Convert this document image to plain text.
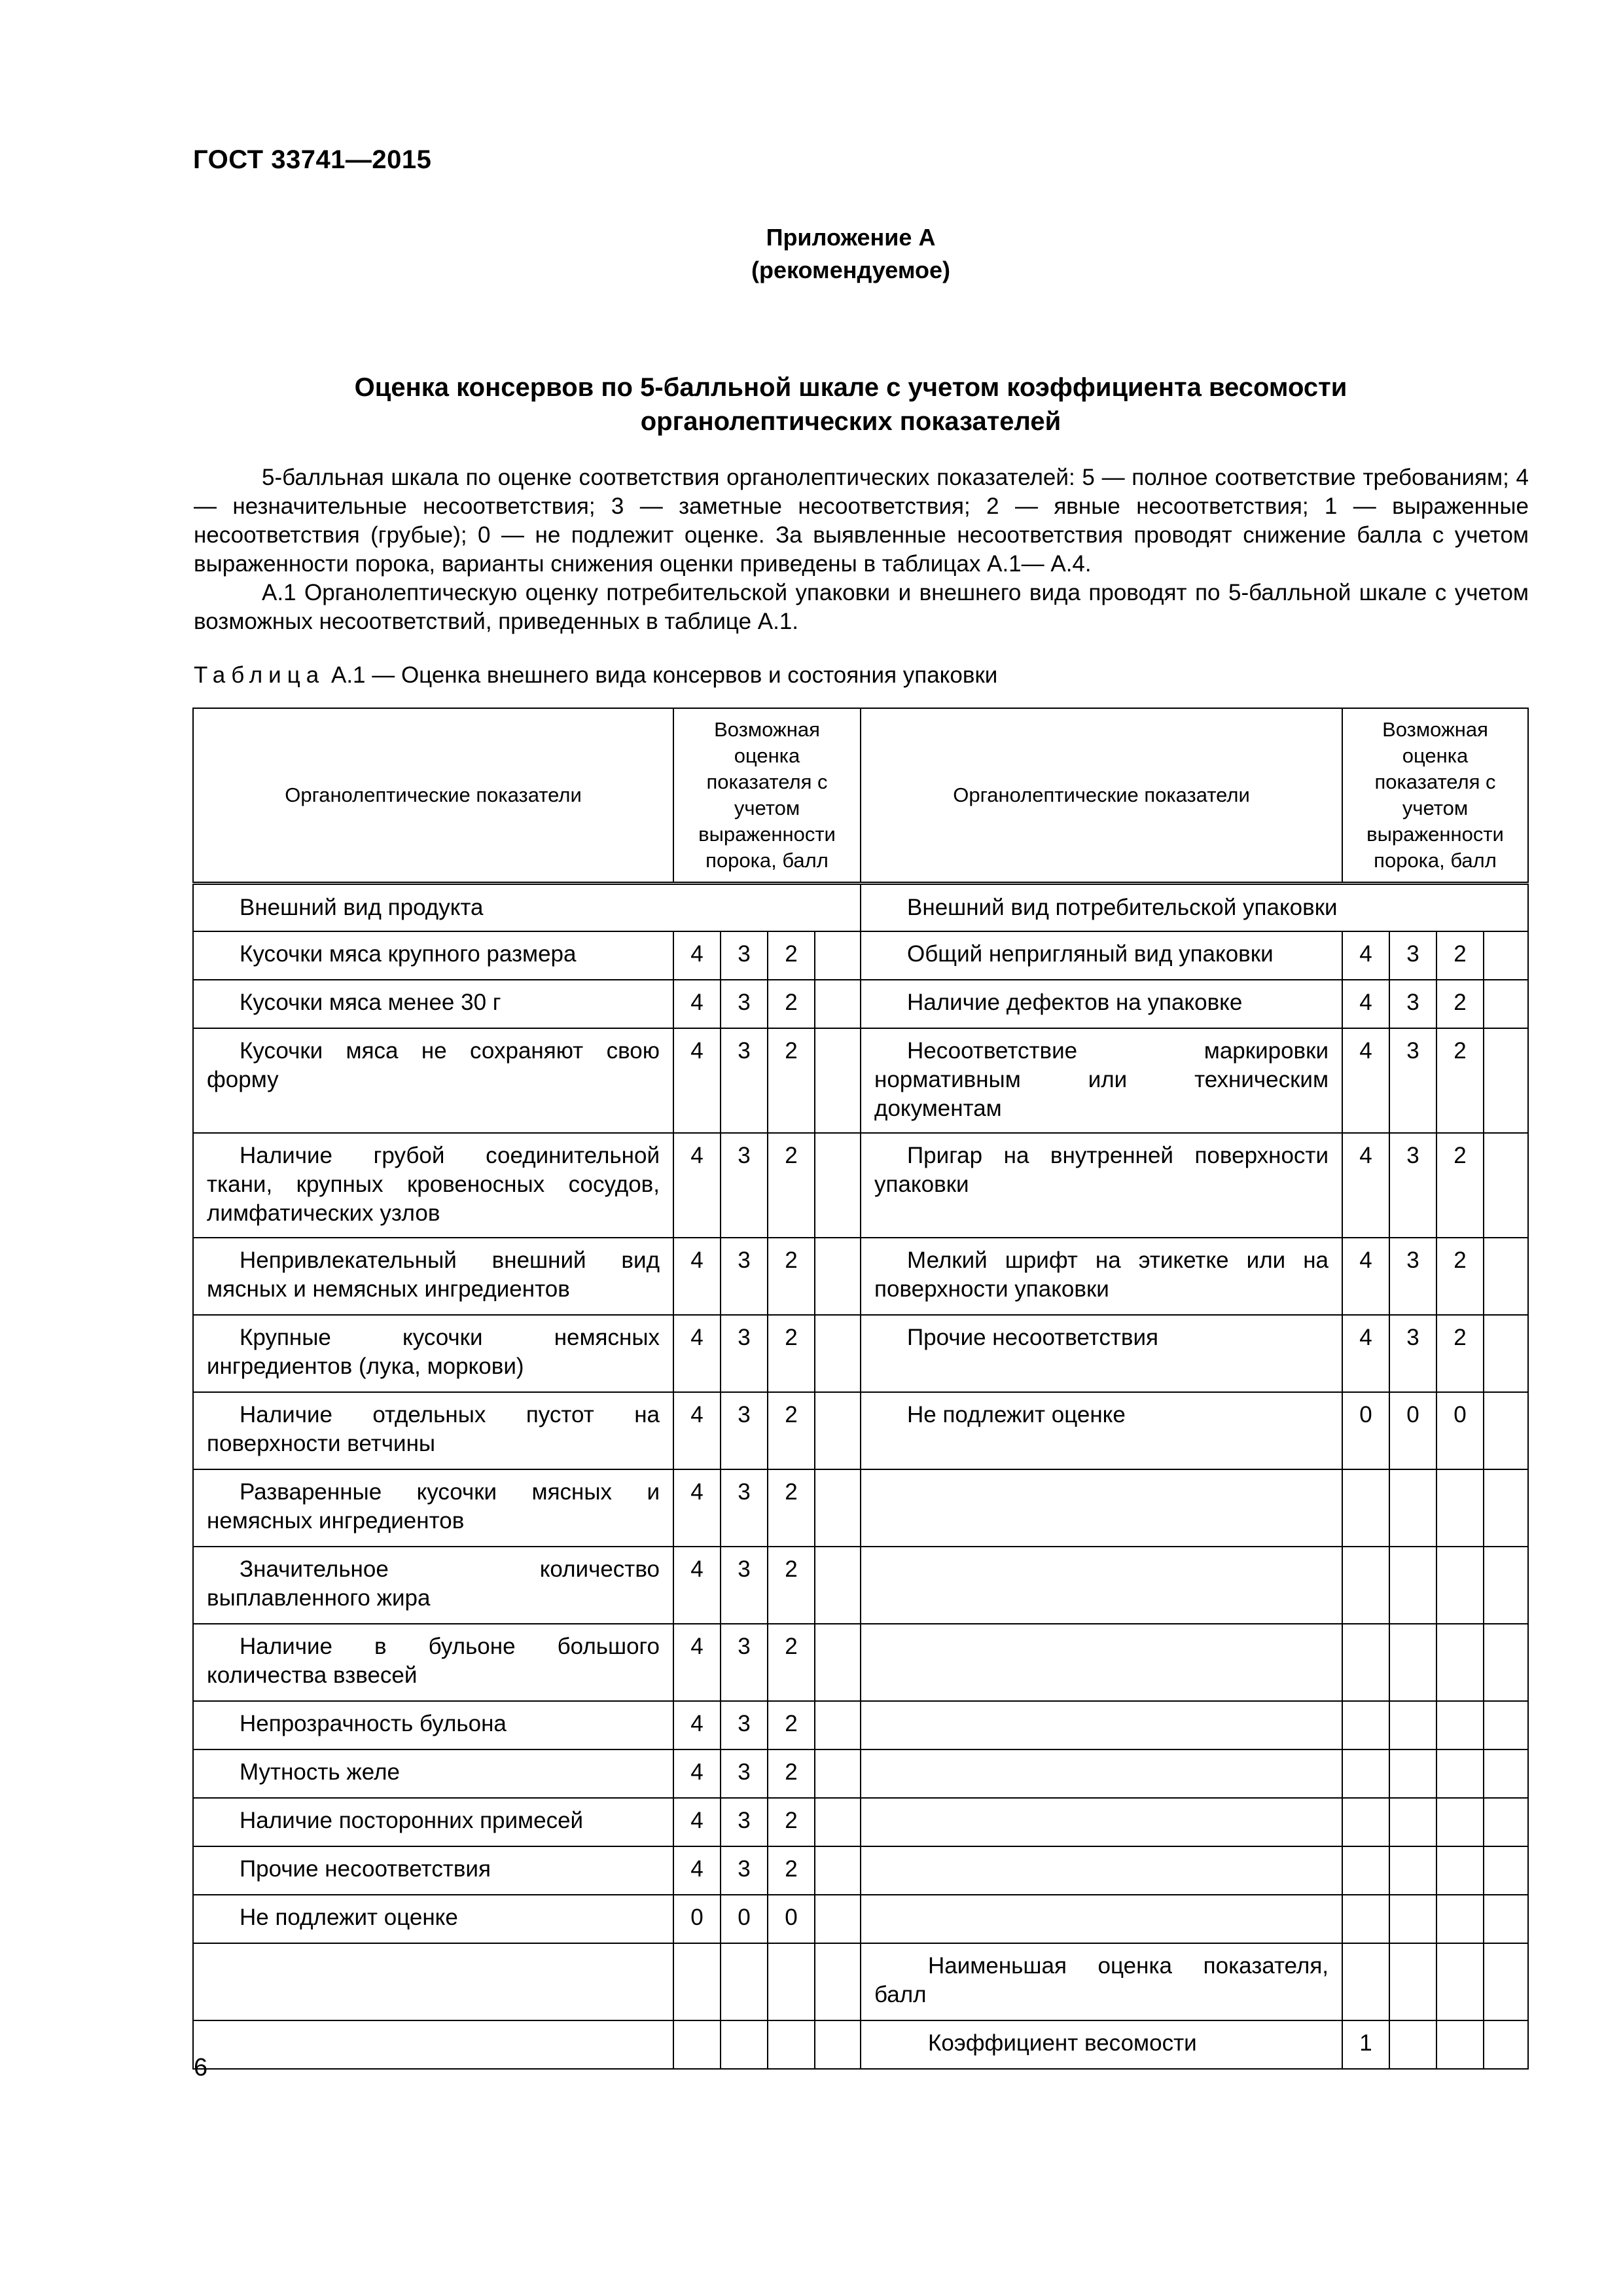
ГОСТ 33741—2015
Приложение А
(рекомендуемое)
Оценка консервов по 5-балльной шкале с учетом коэффициента весомости
органолептических показателей

5-балльная шкала по оценке соответствия органолептических показателей: 5 — полное соответствие требованиям; 4 — незначительные несоответствия; 3 — заметные несоответствия; 2 — явные несоответствия; 1 — выраженные несоответствия (грубые); 0 — не подлежит оценке. За выявленные несоответствия проводят снижение балла с учетом выраженности порока, варианты снижения оценки приведены в таблицах А.1— А.4.

А.1 Органолептическую оценку потребительской упаковки и внешнего вида проводят по 5-балльной шкале с учетом возможных несоответствий, приведенных в таблице А.1.

Таблица А.1 — Оценка внешнего вида консервов и состояния упаковки
Органолептические показатели	Возможная оценка показателя с учетом выраженности порока, балл				Органолептические показатели	Возможная оценка показателя с учетом выраженности порока, балл			
Внешний вид продукта					Внешний вид потребительской упаковки				
Кусочки мяса крупного размера	4	3	2		Общий непригляный вид упаковки	4	3	2	
Кусочки мяса менее 30 г	4	3	2		Наличие дефектов на упаковке	4	3	2	
Кусочки мяса не сохраняют свою форму	4	3	2		Несоответствие маркировки нормативным или техническим документам	4	3	2	
Наличие грубой соединительной ткани, крупных кровеносных сосудов, лимфатических узлов	4	3	2		Пригар на внутренней поверхности упаковки	4	3	2	
Непривлекательный внешний вид мясных и немясных ингредиентов	4	3	2		Мелкий шрифт на этикетке или на поверхности упаковки	4	3	2	
Крупные кусочки немясных ингредиентов (лука, моркови)	4	3	2		Прочие несоответствия	4	3	2	
Наличие отдельных пустот на поверхности ветчины	4	3	2		Не подлежит оценке	0	0	0	
Разваренные кусочки мясных и немясных ингредиентов	4	3	2						
Значительное количество выплавленного жира	4	3	2						
Наличие в бульоне большого количества взвесей	4	3	2						
Непрозрачность бульона	4	3	2						
Мутность желе	4	3	2						
Наличие посторонних примесей	4	3	2						
Прочие несоответствия	4	3	2						
Не подлежит оценке	0	0	0						
					Наименьшая оценка показателя, балл				
					Коэффициент весомости	1			
6
